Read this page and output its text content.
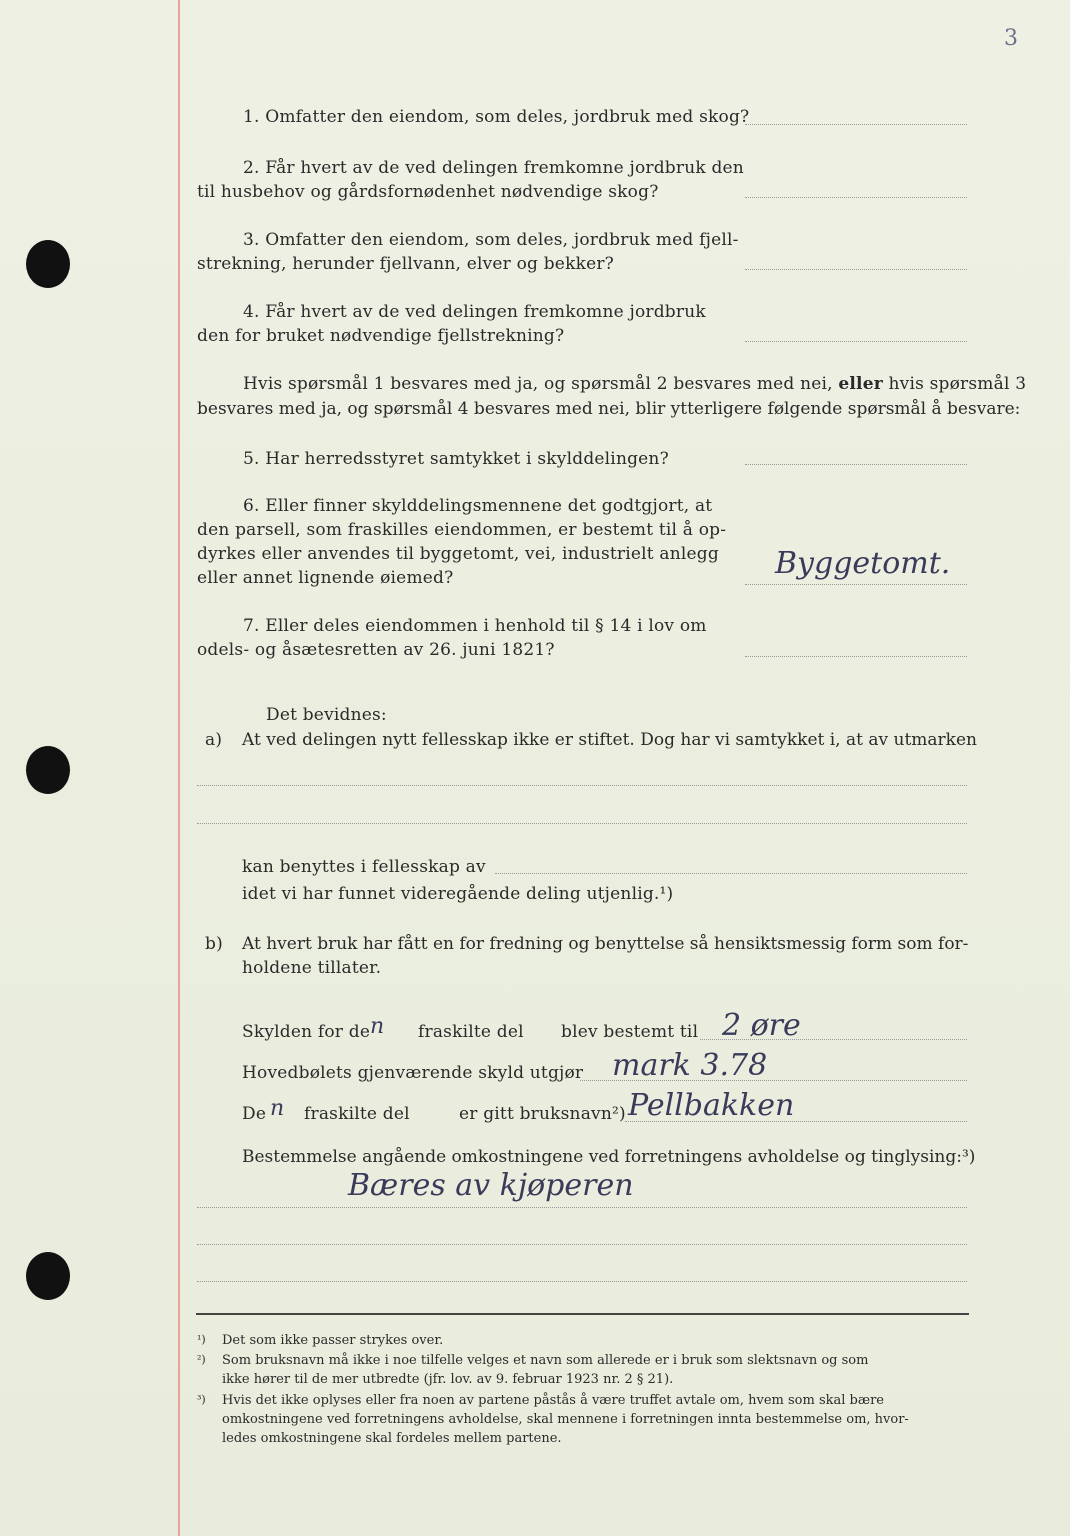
3
1. Omfatter den eiendom, som deles, jordbruk med skog?
2. Får hvert av de ved delingen fremkomne jordbruk den
til husbehov og gårdsfornødenhet nødvendige skog?
3. Omfatter den eiendom, som deles, jordbruk med fjell-
strekning, herunder fjellvann, elver og bekker?
4. Får hvert av de ved delingen fremkomne jordbruk
den for bruket nødvendige fjellstrekning?
Hvis spørsmål 1 besvares med ja, og spørsmål 2 besvares med nei, eller hvis spørsmål 3
besvares med ja, og spørsmål 4 besvares med nei, blir ytterligere følgende spørsmål å besvare:
5. Har herredsstyret samtykket i skylddelingen?
6. Eller finner skylddelingsmennene det godtgjort, at
den parsell, som fraskilles eiendommen, er bestemt til å op-
dyrkes eller anvendes til byggetomt, vei, industrielt anlegg
eller annet lignende øiemed?	Byggetomt.
7. Eller deles eiendommen i henhold til § 14 i lov om
odels- og åsætesretten av 26. juni 1821?
Det bevidnes:
a) At ved delingen nytt fellesskap ikke er stiftet. Dog har vi samtykket i, at av utmarken
kan benyttes i fellesskap av
idet vi har funnet videregående deling utjenlig.¹)
b) At hvert bruk har fått en for fredning og benyttelse så hensiktsmessig form som for-
holdene tillater.
Skylden for de n fraskilte del blev bestemt til 2 øre
Hovedbølets gjenværende skyld utgjør mark 3.78
De n fraskilte del	er gitt bruksnavn²) Pellbakken
Bestemmelse angående omkostningene ved forretningens avholdelse og tinglysing:³)
Bæres av kjøperen
¹) Det som ikke passer strykes over.
²) Som bruksnavn må ikke i noe tilfelle velges et navn som allerede er i bruk som slektsnavn og som
ikke hører til de mer utbredte (jfr. lov. av 9. februar 1923 nr. 2 § 21).
³) Hvis det ikke oplyses eller fra noen av partene påstås å være truffet avtale om, hvem som skal bære
omkostningene ved forretningens avholdelse, skal mennene i forretningen innta bestemmelse om, hvor-
ledes omkostningene skal fordeles mellem partene.
